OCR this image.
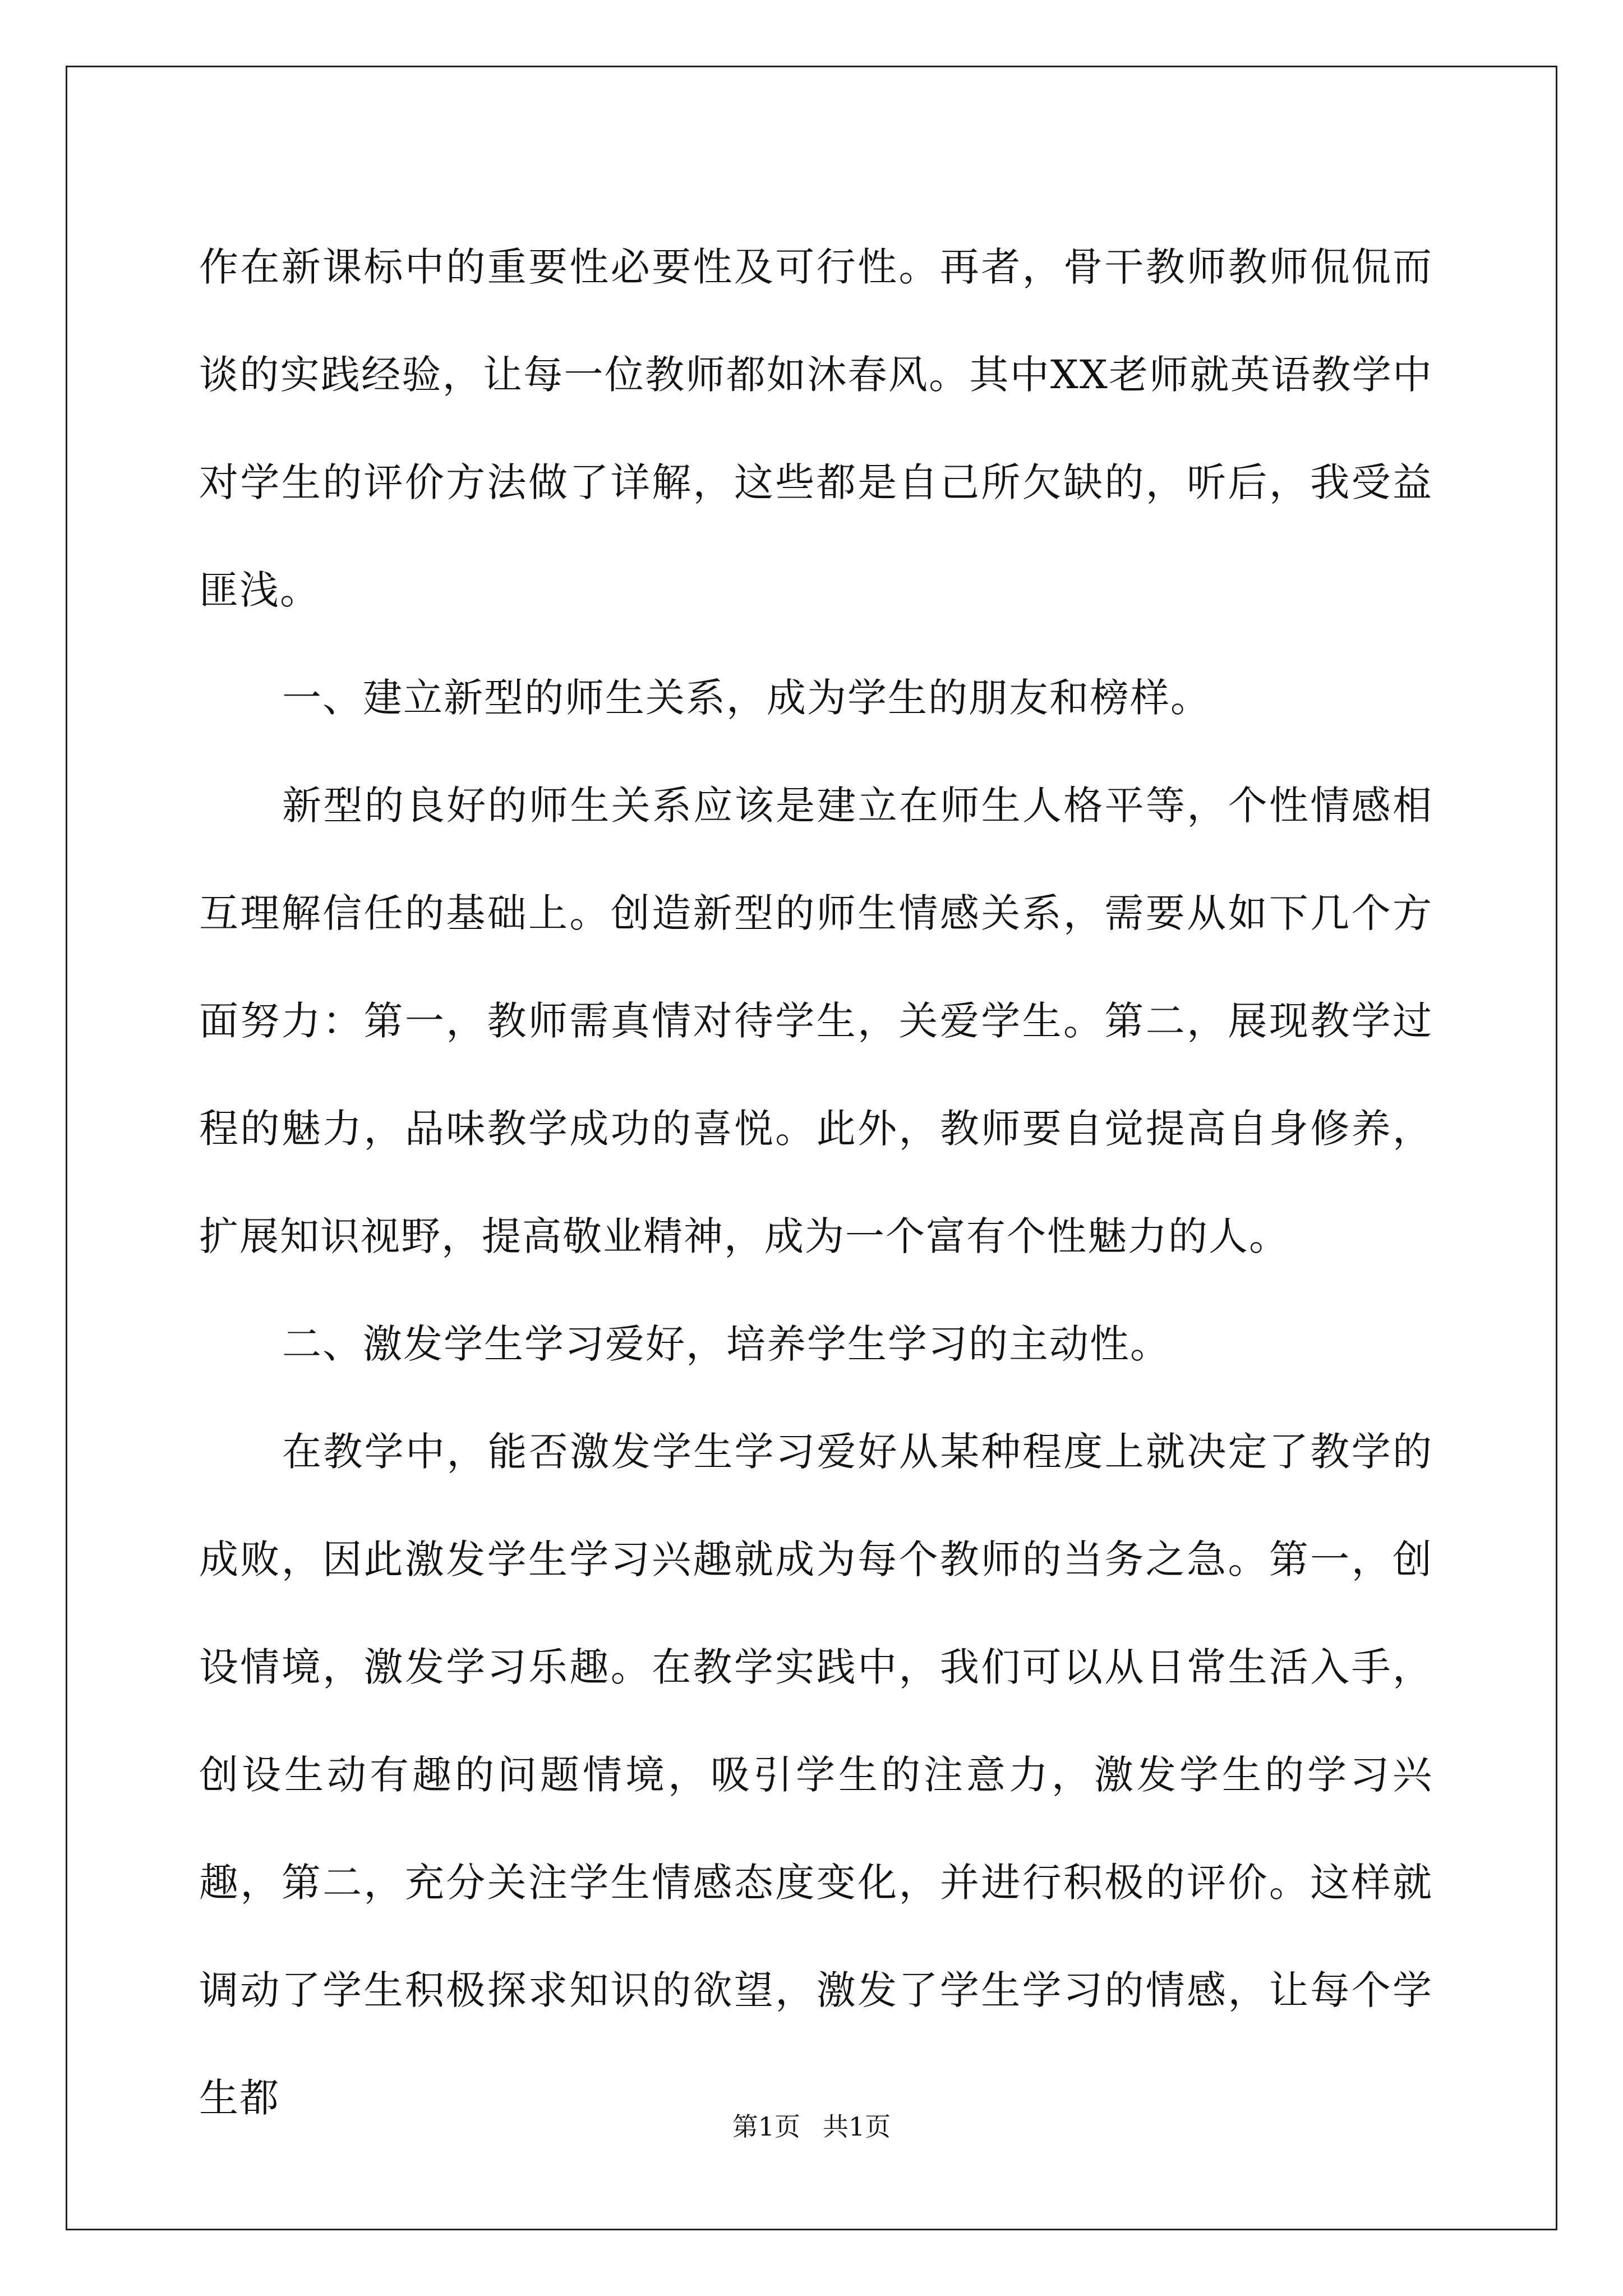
作在新课标中的重要性必要性及可行性。再者，骨干教师教师侃侃而谈的实践经验，让每一位教师都如沐春风。其中XX老师就英语教学中对学生的评价方法做了详解，这些都是自己所欠缺的，听后，我受益匪浅。

一、建立新型的师生关系，成为学生的朋友和榜样。

新型的良好的师生关系应该是建立在师生人格平等，个性情感相互理解信任的基础上。创造新型的师生情感关系，需要从如下几个方面努力：第一，教师需真情对待学生，关爱学生。第二，展现教学过程的魅力，品味教学成功的喜悦。此外，教师要自觉提高自身修养，扩展知识视野，提高敬业精神，成为一个富有个性魅力的人。

二、激发学生学习爱好，培养学生学习的主动性。

在教学中，能否激发学生学习爱好从某种程度上就决定了教学的成败，因此激发学生学习兴趣就成为每个教师的当务之急。第一，创设情境，激发学习乐趣。在教学实践中，我们可以从日常生活入手，创设生动有趣的问题情境，吸引学生的注意力，激发学生的学习兴趣，第二，充分关注学生情感态度变化，并进行积极的评价。这样就调动了学生积极探求知识的欲望，激发了学生学习的情感，让每个学生都

第1页 共1页
